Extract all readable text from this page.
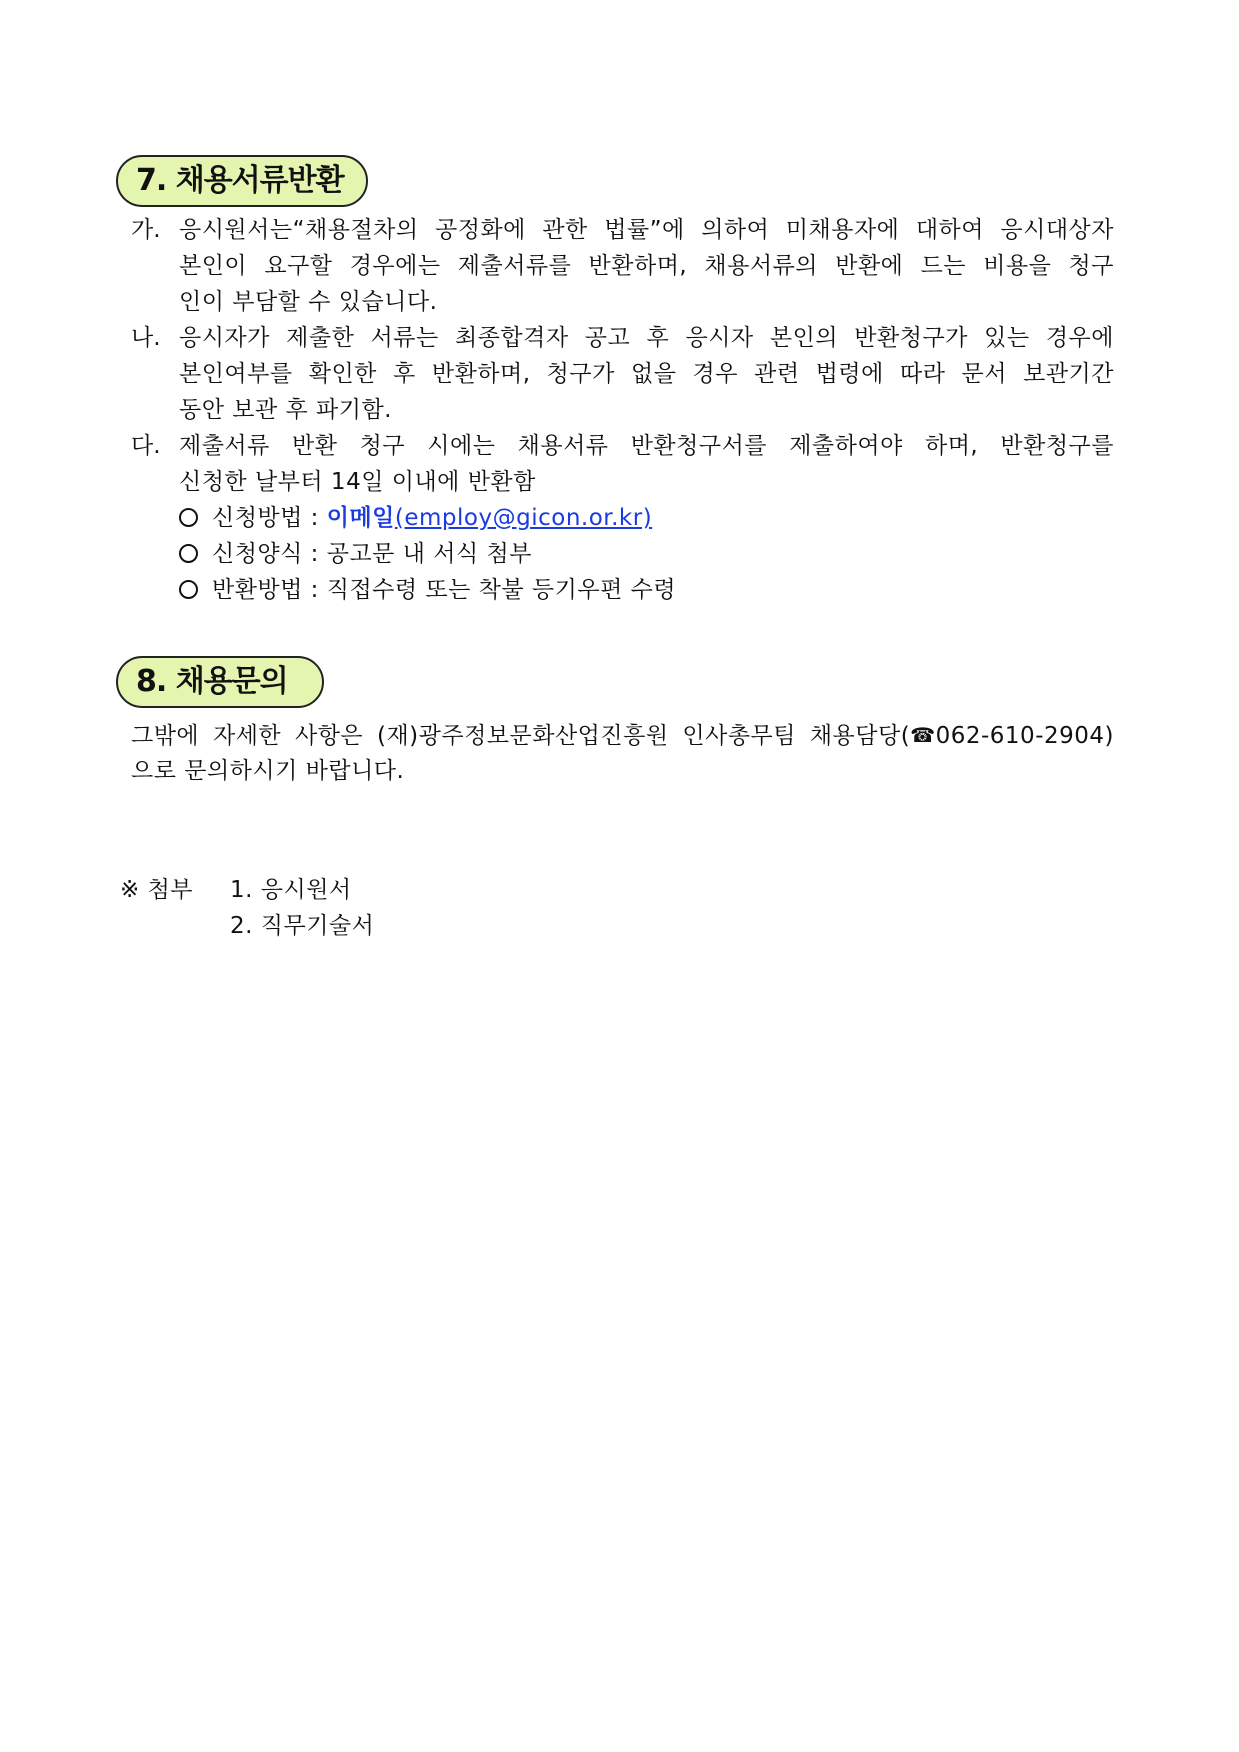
7. 채용서류반환
가. 응시원서는“채용절차의 공정화에 관한 법률”에 의하여 미채용자에 대하여 응시대상자
본인이 요구할 경우에는 제출서류를 반환하며, 채용서류의 반환에 드는 비용을 청구
인이 부담할 수 있습니다.
나. 응시자가 제출한 서류는 최종합격자 공고 후 응시자 본인의 반환청구가 있는 경우에
본인여부를 확인한 후 반환하며, 청구가 없을 경우 관련 법령에 따라 문서 보관기간
동안 보관 후 파기함.
다. 제출서류 반환 청구 시에는 채용서류 반환청구서를 제출하여야 하며, 반환청구를
신청한 날부터 14일 이내에 반환함
신청방법 : 이메일(employ@gicon.or.kr)
신청양식 : 공고문 내 서식 첨부
반환방법 : 직접수령 또는 착불 등기우편 수령
8. 채용문의
그밖에 자세한 사항은 (재)광주정보문화산업진흥원 인사총무팀 채용담당(☎062-610-2904)
으로 문의하시기 바랍니다.
※ 첨부 1. 응시원서
2. 직무기술서
